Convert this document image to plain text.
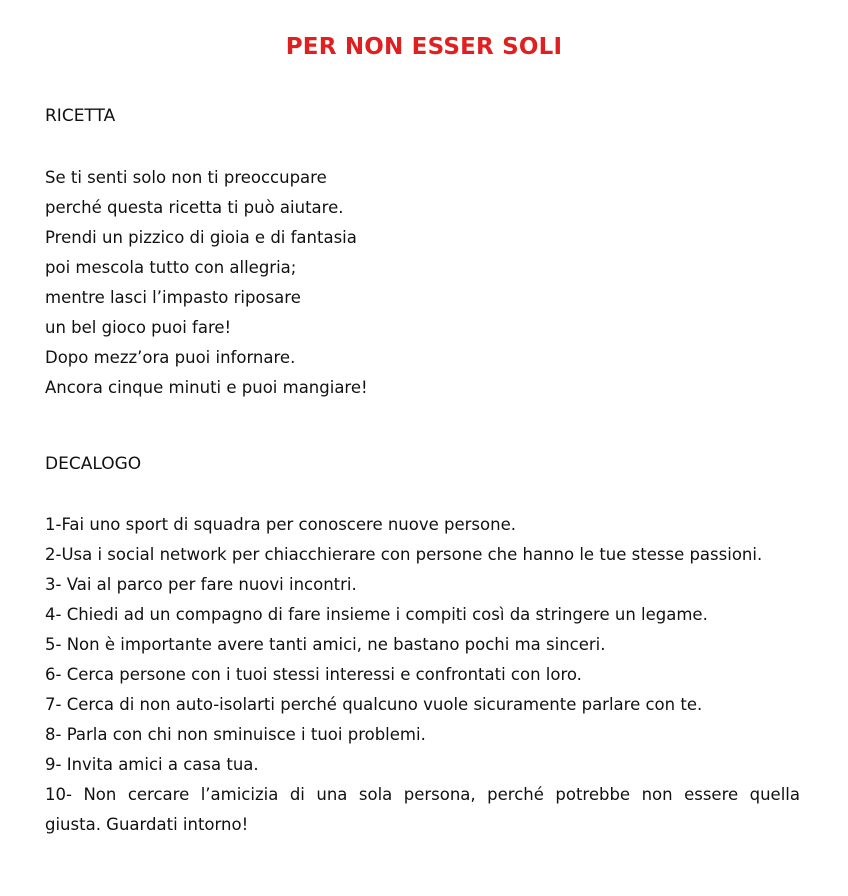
PER NON ESSER SOLI
RICETTA
Se ti senti solo non ti preoccupare
perché questa ricetta ti può aiutare.
Prendi un pizzico di gioia e di fantasia
poi mescola tutto con allegria;
mentre lasci l’impasto riposare
un bel gioco puoi fare!
Dopo mezz’ora puoi infornare.
Ancora cinque minuti e puoi mangiare!
DECALOGO
1-Fai uno sport di squadra per conoscere nuove persone.
2-Usa i social network per chiacchierare con persone che hanno le tue stesse passioni.
3- Vai al parco per fare nuovi incontri.
4- Chiedi ad un compagno di fare insieme i compiti così da stringere un legame.
5- Non è importante avere tanti amici, ne bastano pochi ma sinceri.
6- Cerca persone con i tuoi stessi interessi e confrontati con loro.
7- Cerca di non auto-isolarti perché qualcuno vuole sicuramente parlare con te.
8- Parla con chi non sminuisce i tuoi problemi.
9- Invita amici a casa tua.
10- Non cercare l’amicizia di una sola persona, perché potrebbe non essere quella
giusta. Guardati intorno!
